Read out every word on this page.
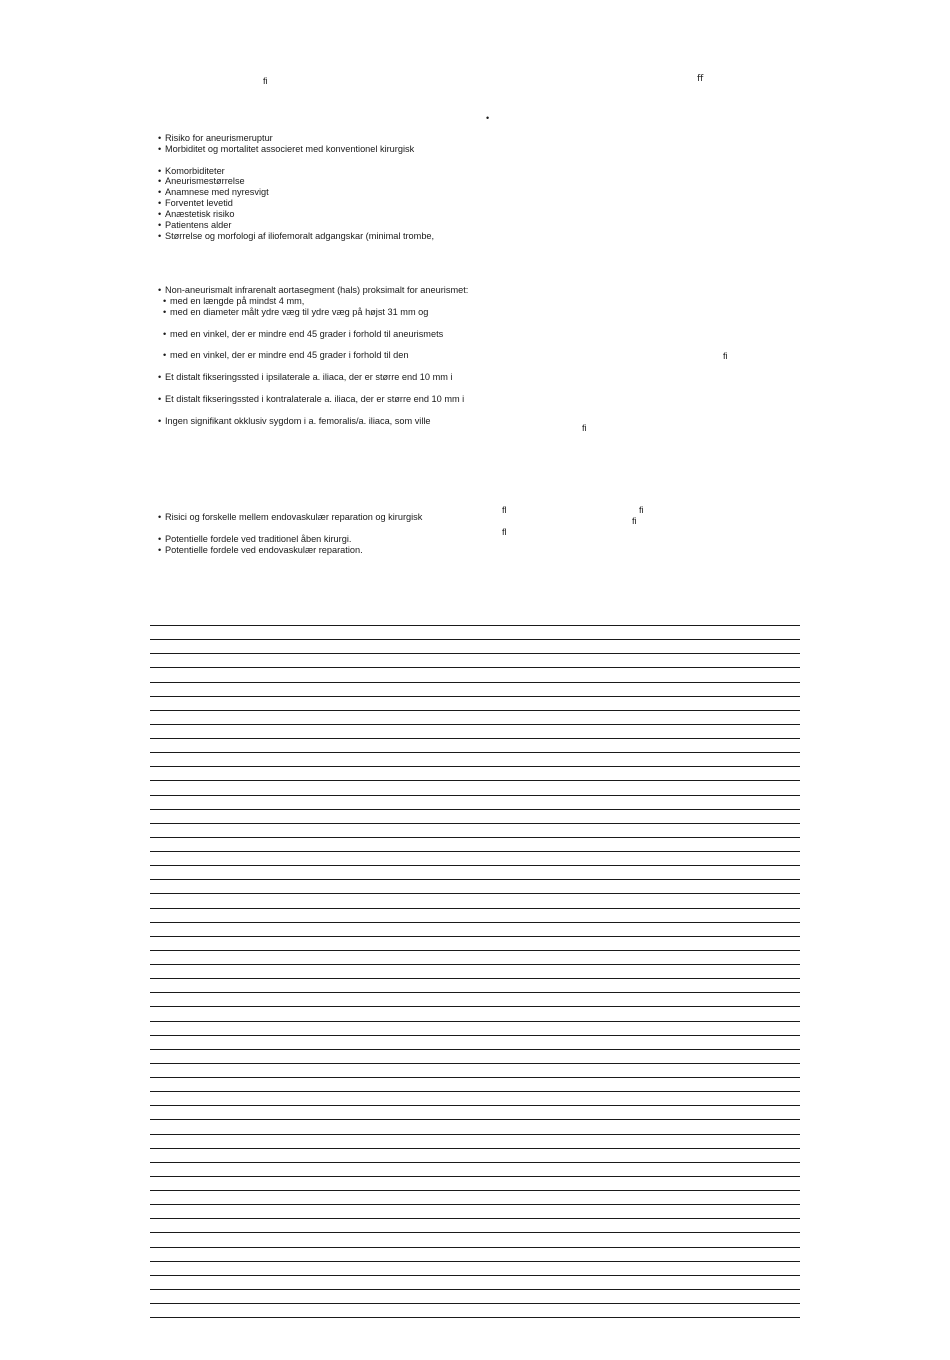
ﬁ	ﬀ
•
• Risiko for aneurismeruptur
• Morbiditet og mortalitet associeret med konventionel kirurgisk
• Komorbiditeter
• Aneurismestørrelse
• Anamnese med nyresvigt
• Forventet levetid
• Anæstetisk risiko
• Patientens alder
• Størrelse og morfologi af iliofemoralt adgangskar (minimal trombe,
• Non-aneurismalt infrarenalt aortasegment (hals) proksimalt for aneurismet:
• med en længde på mindst 4 mm,
• med en diameter målt ydre væg til ydre væg på højst 31 mm og
• med en vinkel, der er mindre end 45 grader i forhold til aneurismets
• med en vinkel, der er mindre end 45 grader i forhold til den	ﬁ
• Et distalt fikseringssted i ipsilaterale a. iliaca, der er større end 10 mm i
• Et distalt fikseringssted i kontralaterale a. iliaca, der er større end 10 mm i
• Ingen signifikant okklusiv sygdom i a. femoralis/a. iliaca, som ville
ﬁ
ﬂ	ﬁ
• Risici og forskelle mellem endovaskulær reparation og kirurgisk	ﬁ
ﬂ
• Potentielle fordele ved traditionel åben kirurgi.
• Potentielle fordele ved endovaskulær reparation.
